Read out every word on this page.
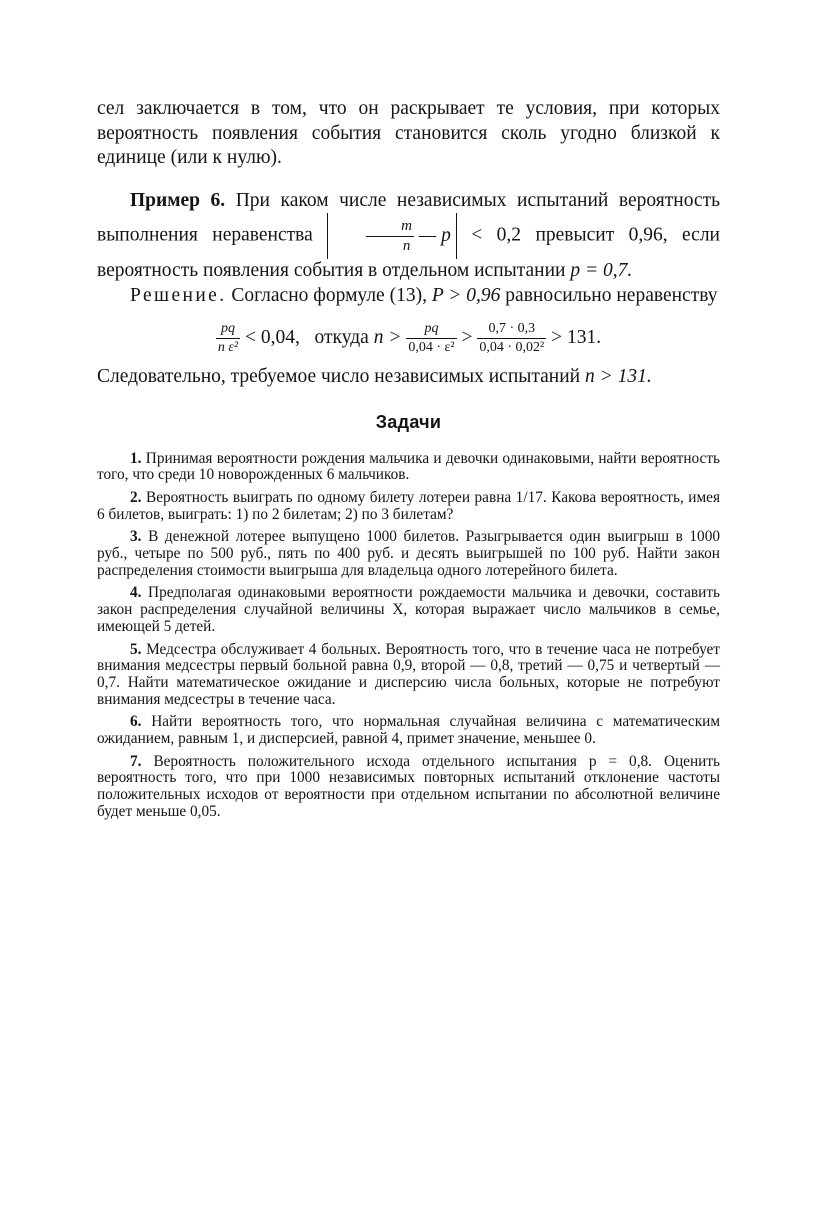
сел заключается в том, что он раскрывает те условия, при которых вероятность появления события становится сколь угодно близкой к единице (или к нулю).

Пример 6. При каком числе независимых испытаний вероятность выполнения неравенства	$\frac{m}{n}$ — p < 0,2 превысит 0,96, если вероятность появления события в отдельном испытании p = 0,7.

Решение. Согласно формуле (13), P > 0,96 равносильно неравенству

$\frac{pq}{\text{n ε²}} < 0,04$, откуда $n > \frac{pq}{\text{0,04 · ε²}} > \frac{0,7 \cdot 0,3}{\text{0,04 · 0,02²}} > 131$.

Следовательно, требуемое число независимых испытаний n > 131.

Задачи

1. Принимая вероятности рождения мальчика и девочки одинаковыми, найти вероятность того, что среди 10 новорожденных 6 мальчиков.

2. Вероятность выиграть по одному билету лотереи равна 1/17. Какова вероятность, имея 6 билетов, выиграть: 1) по 2 билетам; 2) по 3 билетам?

3. В денежной лотерее выпущено 1000 билетов. Разыгрывается один выигрыш в 1000 руб., четыре по 500 руб., пять по 400 руб. и десять выигрышей по 100 руб. Найти закон распределения стоимости выигрыша для владельца одного лотерейного билета.

4. Предполагая одинаковыми вероятности рождаемости мальчика и девочки, составить закон распределения случайной величины X, которая выражает число мальчиков в семье, имеющей 5 детей.

5. Медсестра обслуживает 4 больных. Вероятность того, что в течение часа не потребует внимания медсестры первый больной равна 0,9, второй — 0,8, третий — 0,75 и четвертый — 0,7. Найти математическое ожидание и дисперсию числа больных, которые не потребуют внимания медсестры в течение часа.

6. Найти вероятность того, что нормальная случайная величина с математическим ожиданием, равным 1, и дисперсией, равной 4, примет значение, меньшее 0.

7. Вероятность положительного исхода отдельного испытания p = 0,8. Оценить вероятность того, что при 1000 независимых повторных испытаний отклонение частоты положительных исходов от вероятности при отдельном испытании по абсолютной величине будет меньше 0,05.
